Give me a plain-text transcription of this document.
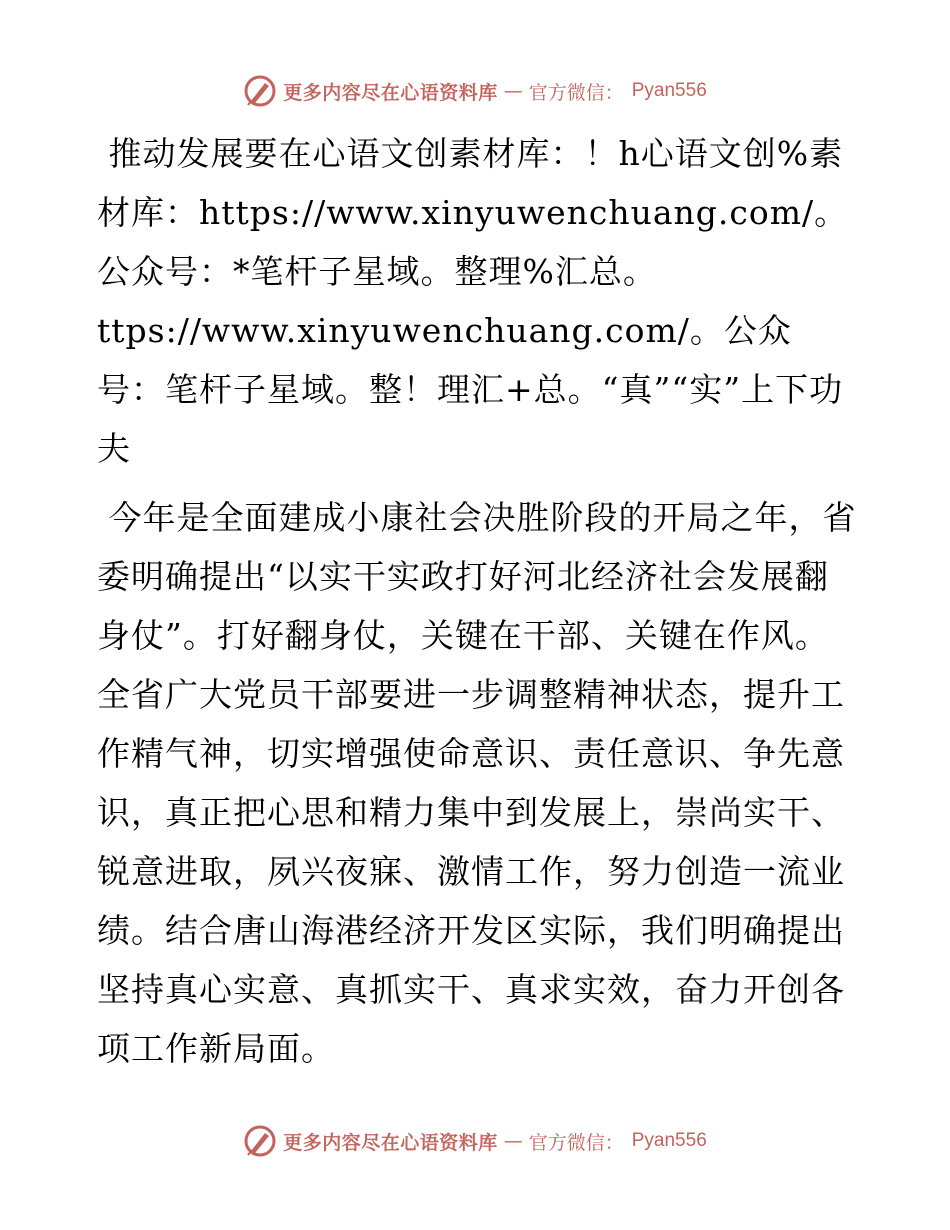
更多内容尽在心语资料库 — 官方微信： Pyan556

推动发展要在心语文创素材库：！h心语文创%素材库：https://www.xinyuwenchuang.com/。公众号：*笔杆子星域。整理%汇总。ttps://www.xinyuwenchuang.com/。公众号：笔杆子星域。整！理汇+总。“真”“实”上下功夫

今年是全面建成小康社会决胜阶段的开局之年，省委明确提出“以实干实政打好河北经济社会发展翻身仗”。打好翻身仗，关键在干部、关键在作风。全省广大党员干部要进一步调整精神状态，提升工作精气神，切实增强使命意识、责任意识、争先意识，真正把心思和精力集中到发展上，崇尚实干、锐意进取，夙兴夜寐、激情工作，努力创造一流业绩。结合唐山海港经济开发区实际，我们明确提出坚持真心实意、真抓实干、真求实效，奋力开创各项工作新局面。

更多内容尽在心语资料库 — 官方微信： Pyan556
